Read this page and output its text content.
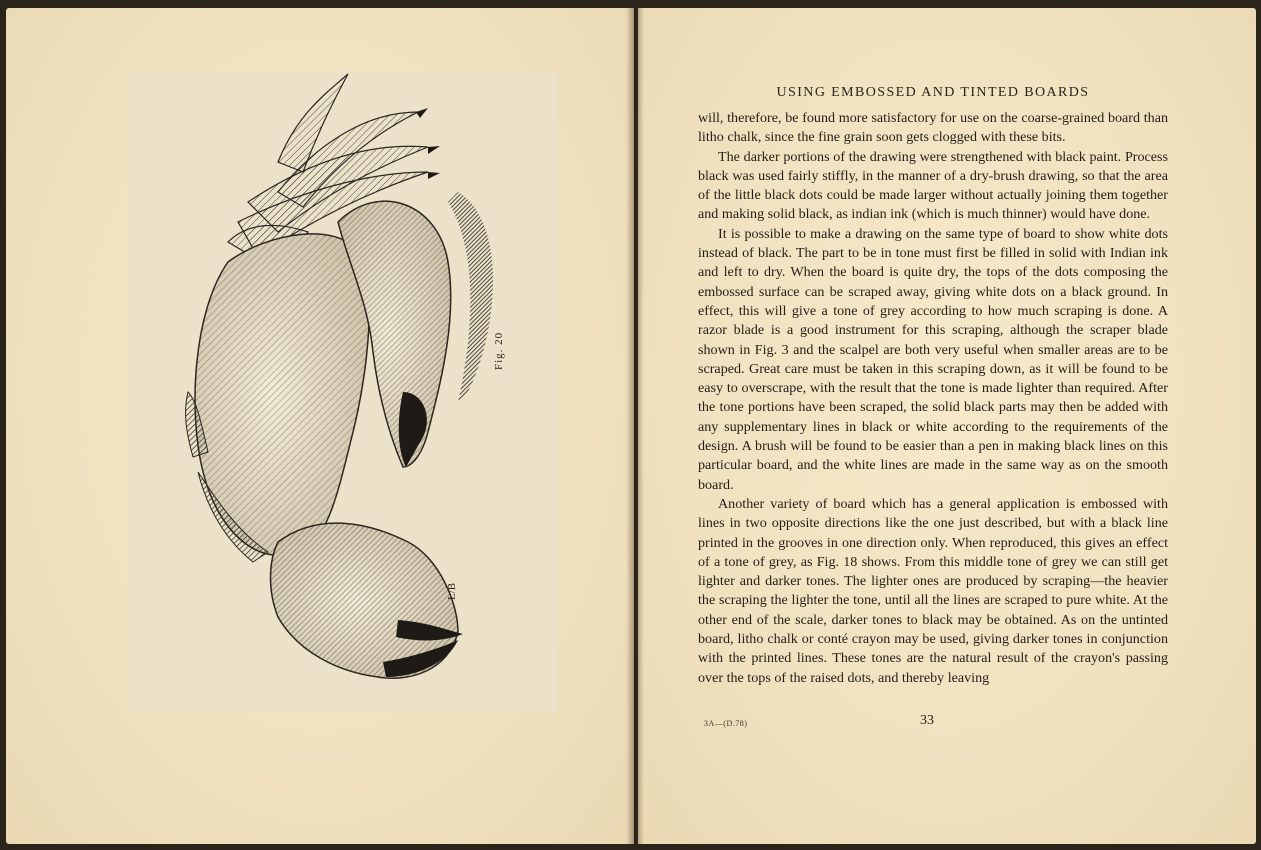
Fig. 20
L/B
USING EMBOSSED AND TINTED BOARDS

will, therefore, be found more satisfactory for use on the coarse-grained board than litho chalk, since the fine grain soon gets clogged with these bits.

The darker portions of the drawing were strengthened with black paint. Process black was used fairly stiffly, in the manner of a dry-brush drawing, so that the area of the little black dots could be made larger without actually joining them together and making solid black, as indian ink (which is much thinner) would have done.

It is possible to make a drawing on the same type of board to show white dots instead of black. The part to be in tone must first be filled in solid with Indian ink and left to dry. When the board is quite dry, the tops of the dots composing the embossed surface can be scraped away, giving white dots on a black ground. In effect, this will give a tone of grey according to how much scraping is done. A razor blade is a good instrument for this scraping, although the scraper blade shown in Fig. 3 and the scalpel are both very useful when smaller areas are to be scraped. Great care must be taken in this scraping down, as it will be found to be easy to overscrape, with the result that the tone is made lighter than required. After the tone portions have been scraped, the solid black parts may then be added with any supplementary lines in black or white according to the requirements of the design. A brush will be found to be easier than a pen in making black lines on this particular board, and the white lines are made in the same way as on the smooth board.

Another variety of board which has a general application is embossed with lines in two opposite directions like the one just described, but with a black line printed in the grooves in one direction only. When reproduced, this gives an effect of a tone of grey, as Fig. 18 shows. From this middle tone of grey we can still get lighter and darker tones. The lighter ones are produced by scraping—the heavier the scraping the lighter the tone, until all the lines are scraped to pure white. At the other end of the scale, darker tones to black may be obtained. As on the untinted board, litho chalk or conté crayon may be used, giving darker tones in conjunction with the printed lines. These tones are the natural result of the crayon's passing over the tops of the raised dots, and thereby leaving

3A—(D.78)	33
